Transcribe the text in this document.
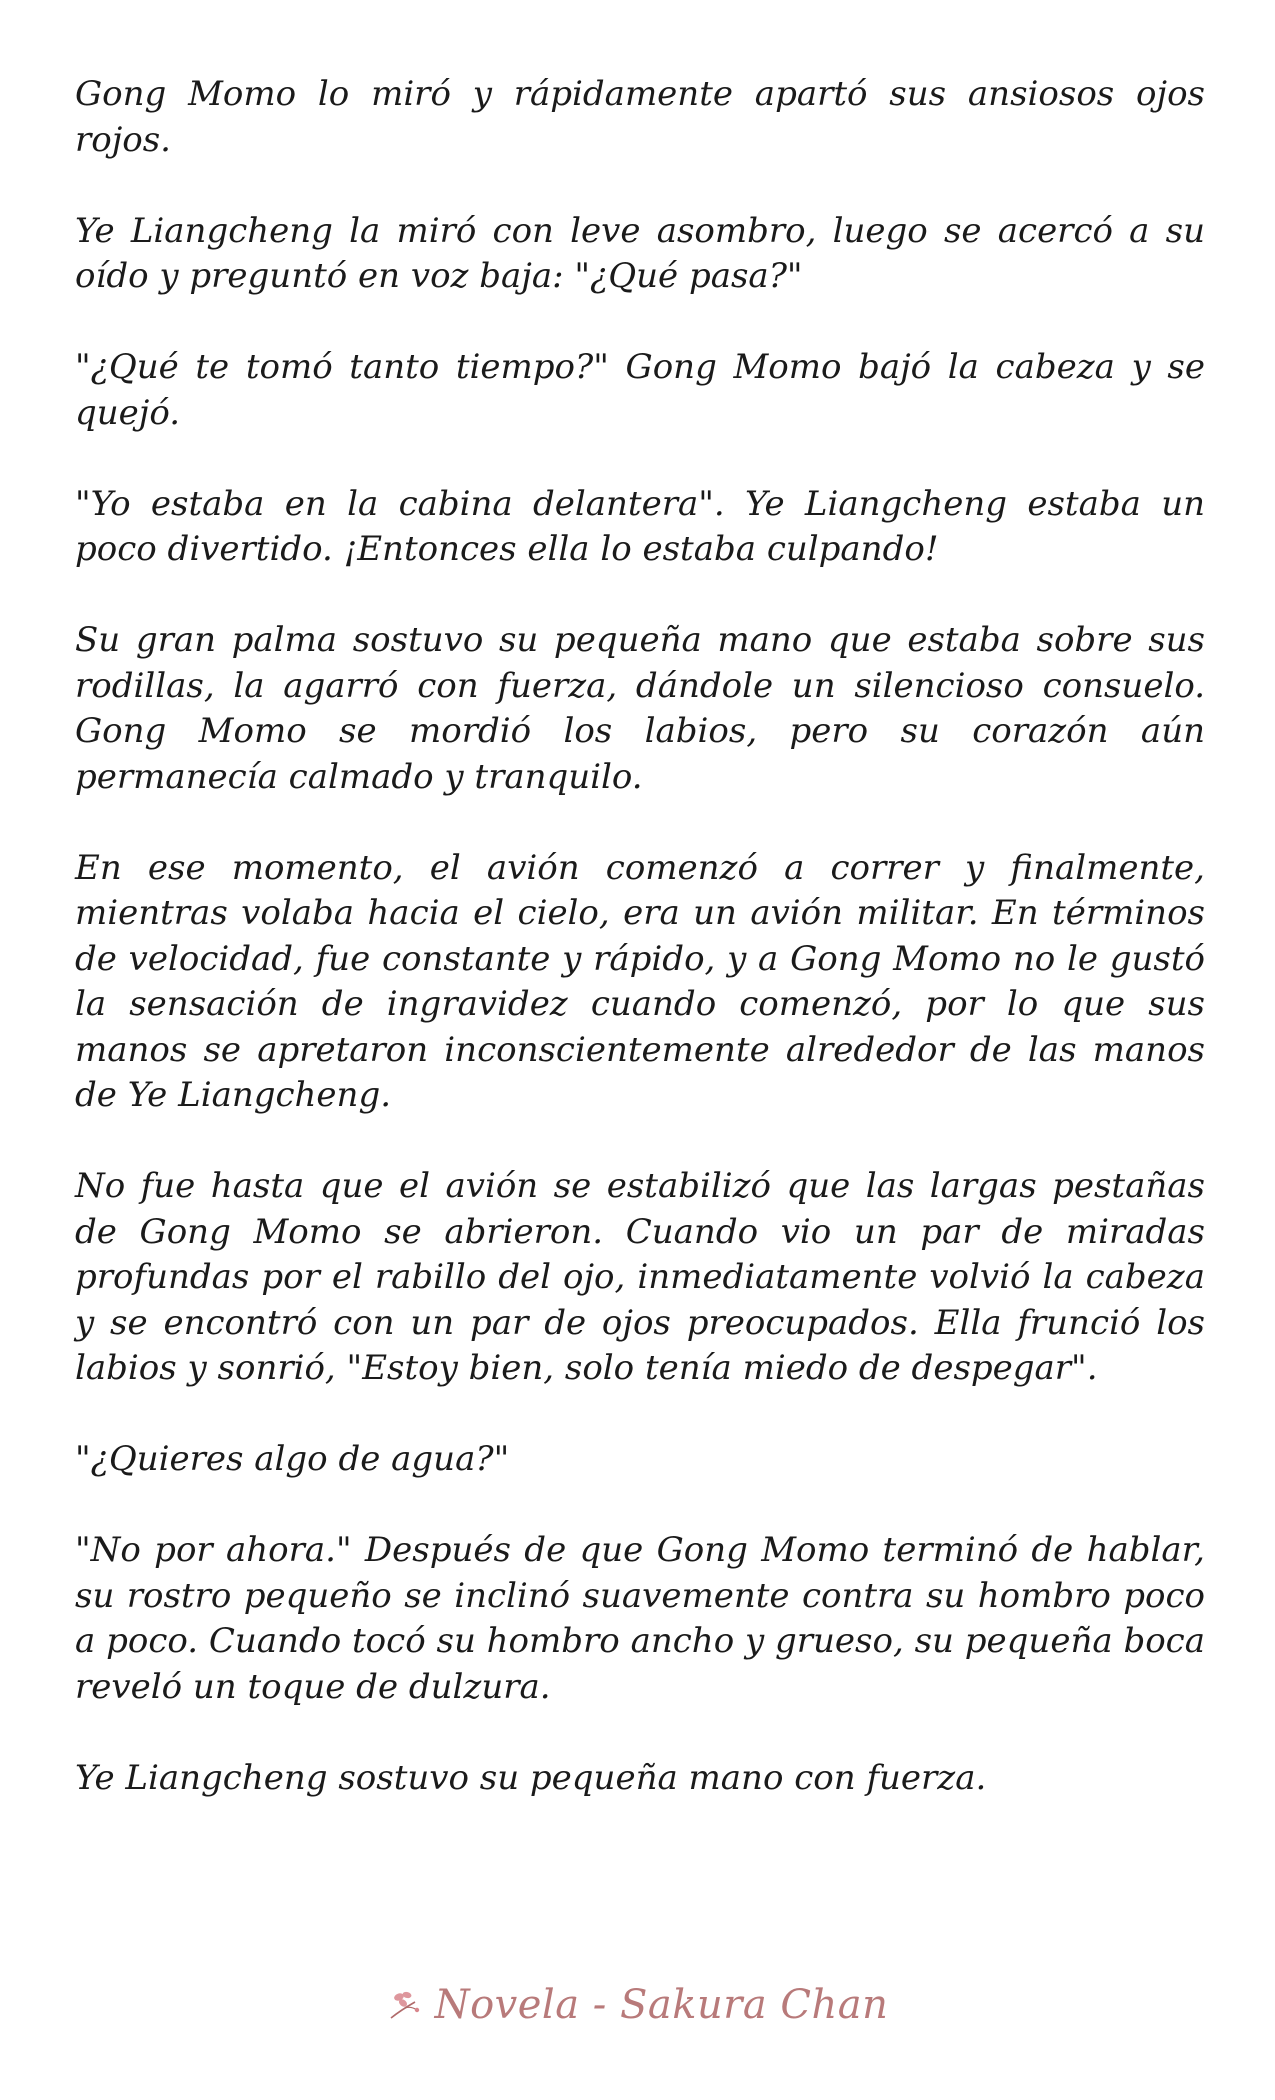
Gong Momo lo miró y rápidamente apartó sus ansiosos ojos rojos.

Ye Liangcheng la miró con leve asombro, luego se acercó a su oído y preguntó en voz baja: "¿Qué pasa?"

"¿Qué te tomó tanto tiempo?" Gong Momo bajó la cabeza y se quejó.

"Yo estaba en la cabina delantera". Ye Liangcheng estaba un poco divertido. ¡Entonces ella lo estaba culpando!

Su gran palma sostuvo su pequeña mano que estaba sobre sus rodillas, la agarró con fuerza, dándole un silencioso consuelo. Gong Momo se mordió los labios, pero su corazón aún permanecía calmado y tranquilo.

En ese momento, el avión comenzó a correr y finalmente, mientras volaba hacia el cielo, era un avión militar. En términos de velocidad, fue constante y rápido, y a Gong Momo no le gustó la sensación de ingravidez cuando comenzó, por lo que sus manos se apretaron inconscientemente alrededor de las manos de Ye Liangcheng.

No fue hasta que el avión se estabilizó que las largas pestañas de Gong Momo se abrieron. Cuando vio un par de miradas profundas por el rabillo del ojo, inmediatamente volvió la cabeza y se encontró con un par de ojos preocupados. Ella frunció los labios y sonrió, "Estoy bien, solo tenía miedo de despegar".

"¿Quieres algo de agua?"

"No por ahora." Después de que Gong Momo terminó de hablar, su rostro pequeño se inclinó suavemente contra su hombro poco a poco. Cuando tocó su hombro ancho y grueso, su pequeña boca reveló un toque de dulzura.

Ye Liangcheng sostuvo su pequeña mano con fuerza.

Novela - Sakura Chan
